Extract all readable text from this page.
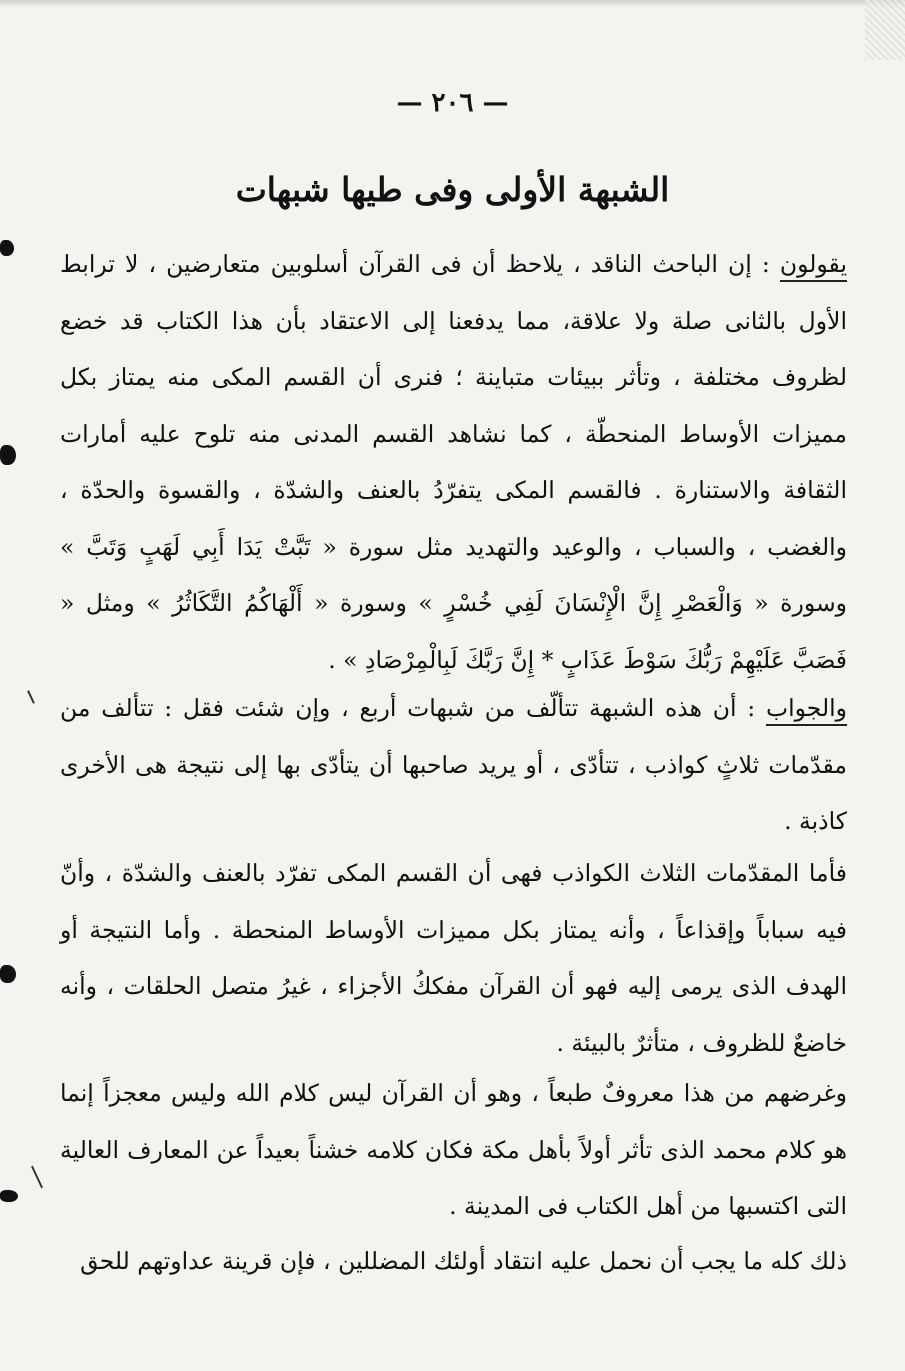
— ٢٠٦ —
الشبهة الأولى وفى طيها شبهات

يقولون : إن الباحث الناقد ، يلاحظ أن فى القرآن أسلوبين متعارضين ، لا ترابط الأول بالثانى صلة ولا علاقة، مما يدفعنا إلى الاعتقاد بأن هذا الكتاب قد خضع لظروف مختلفة ، وتأثر ببيئات متباينة ؛ فنرى أن القسم المكى منه يمتاز بكل مميزات الأوساط المنحطّة ، كما نشاهد القسم المدنى منه تلوح عليه أمارات الثقافة والاستنارة . فالقسم المكى يتفرّدُ بالعنف والشدّة ، والقسوة والحدّة ، والغضب ، والسباب ، والوعيد والتهديد مثل سورة « تَبَّتْ يَدَا أَبِي لَهَبٍ وَتَبَّ » وسورة « وَالْعَصْرِ إِنَّ الْإِنْسَانَ لَفِي خُسْرٍ » وسورة « أَلْهَاكُمُ التَّكَاثُرُ » ومثل « فَصَبَّ عَلَيْهِمْ رَبُّكَ سَوْطَ عَذَابٍ * إِنَّ رَبَّكَ لَبِالْمِرْصَادِ » .

والجواب : أن هذه الشبهة تتألّف من شبهات أربع ، وإن شئت فقل : تتألف من مقدّمات ثلاثٍ كواذب ، تتأدّى ، أو يريد صاحبها أن يتأدّى بها إلى نتيجة هى الأخرى كاذبة .

فأما المقدّمات الثلاث الكواذب فهى أن القسم المكى تفرّد بالعنف والشدّة ، وأنّ فيه سباباً وإقذاعاً ، وأنه يمتاز بكل مميزات الأوساط المنحطة . وأما النتيجة أو الهدف الذى يرمى إليه فهو أن القرآن مفككُ الأجزاء ، غيرُ متصل الحلقات ، وأنه خاضعٌ للظروف ، متأثرٌ بالبيئة .

وغرضهم من هذا معروفٌ طبعاً ، وهو أن القرآن ليس كلام الله وليس معجزاً إنما هو كلام محمد الذى تأثر أولاً بأهل مكة فكان كلامه خشناً بعيداً عن المعارف العالية التى اكتسبها من أهل الكتاب فى المدينة .

ذلك كله ما يجب أن نحمل عليه انتقاد أولئك المضللين ، فإن قرينة عداوتهم للحق
